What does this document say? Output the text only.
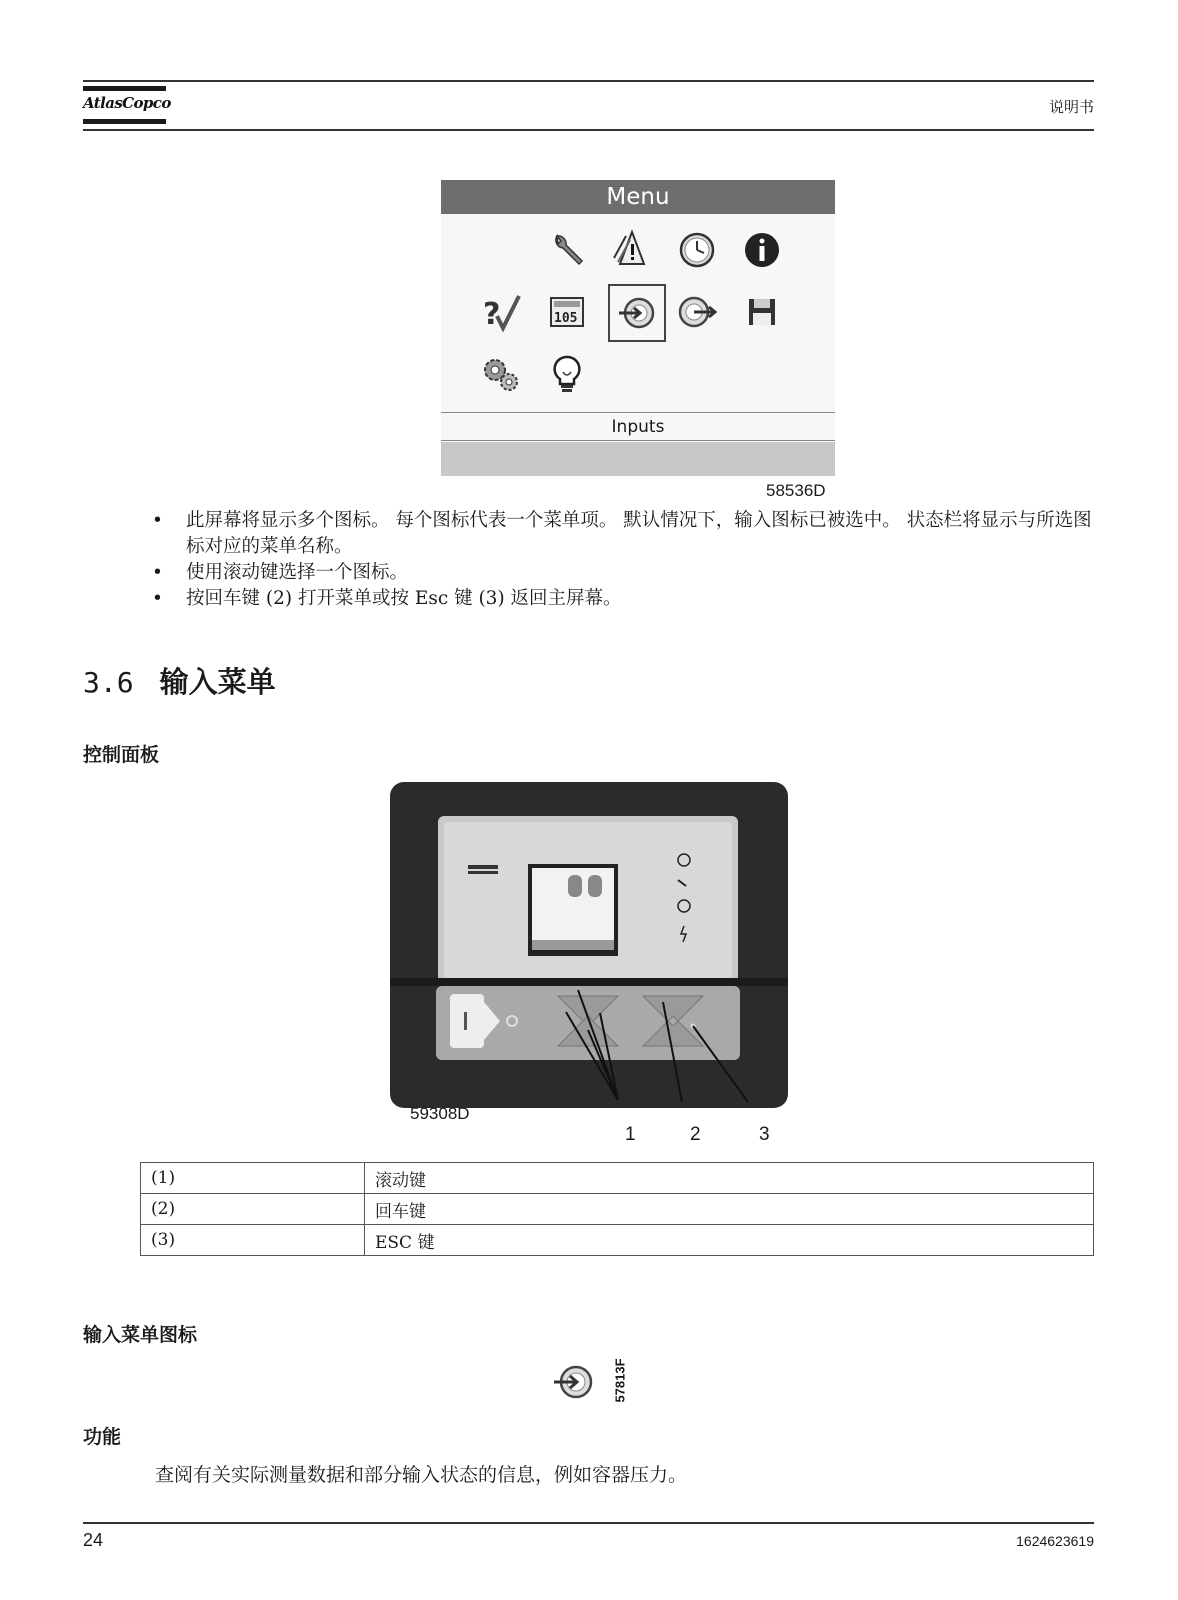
AtlasCopco	说明书
Menu
?	105
Inputs
58536D
• 此屏幕将显示多个图标。 每个图标代表一个菜单项。 默认情况下，输入图标已被选中。 状态栏将显示与所选图标对应的菜单名称。
• 使用滚动键选择一个图标。
• 按回车键 (2) 打开菜单或按 Esc 键 (3) 返回主屏幕。
3.6 输入菜单
控制面板
59308D
1	2	3
(1)	滚动键
(2)	回车键
(3)	ESC 键
输入菜单图标
57813F
功能
查阅有关实际测量数据和部分输入状态的信息，例如容器压力。
24	1624623619
